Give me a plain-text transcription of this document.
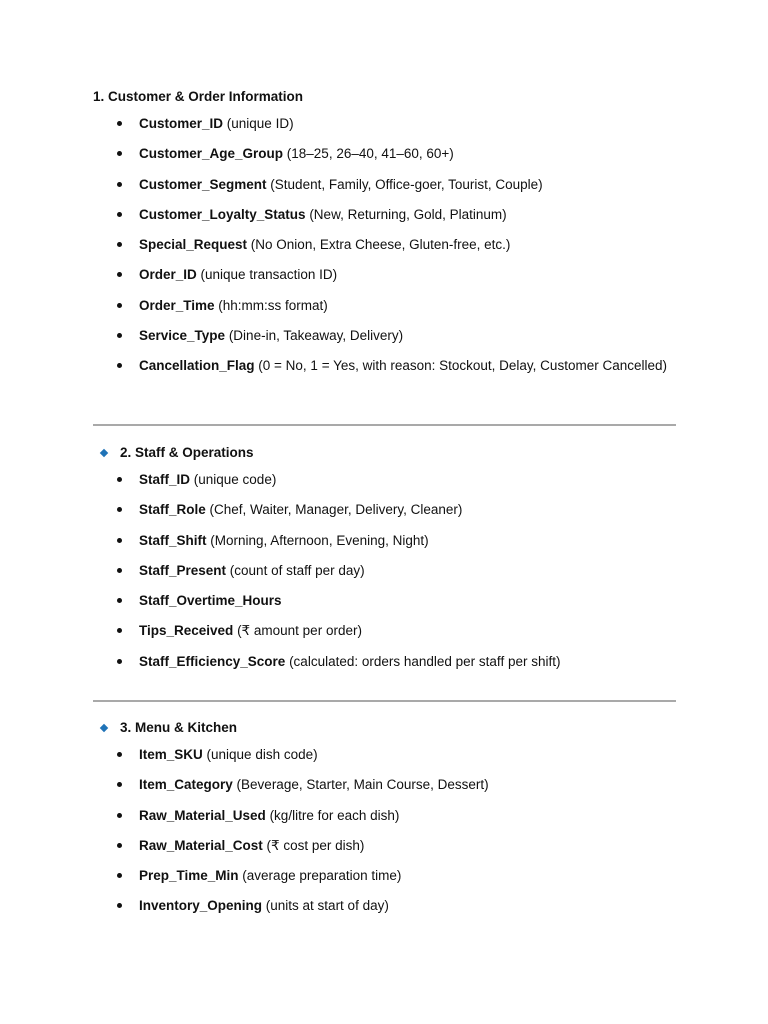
1. Customer & Order Information
Customer_ID (unique ID)
Customer_Age_Group (18–25, 26–40, 41–60, 60+)
Customer_Segment (Student, Family, Office-goer, Tourist, Couple)
Customer_Loyalty_Status (New, Returning, Gold, Platinum)
Special_Request (No Onion, Extra Cheese, Gluten-free, etc.)
Order_ID (unique transaction ID)
Order_Time (hh:mm:ss format)
Service_Type (Dine-in, Takeaway, Delivery)
Cancellation_Flag (0 = No, 1 = Yes, with reason: Stockout, Delay, Customer Cancelled)
2. Staff & Operations
Staff_ID (unique code)
Staff_Role (Chef, Waiter, Manager, Delivery, Cleaner)
Staff_Shift (Morning, Afternoon, Evening, Night)
Staff_Present (count of staff per day)
Staff_Overtime_Hours
Tips_Received (₹ amount per order)
Staff_Efficiency_Score (calculated: orders handled per staff per shift)
3. Menu & Kitchen
Item_SKU (unique dish code)
Item_Category (Beverage, Starter, Main Course, Dessert)
Raw_Material_Used (kg/litre for each dish)
Raw_Material_Cost (₹ cost per dish)
Prep_Time_Min (average preparation time)
Inventory_Opening (units at start of day)
